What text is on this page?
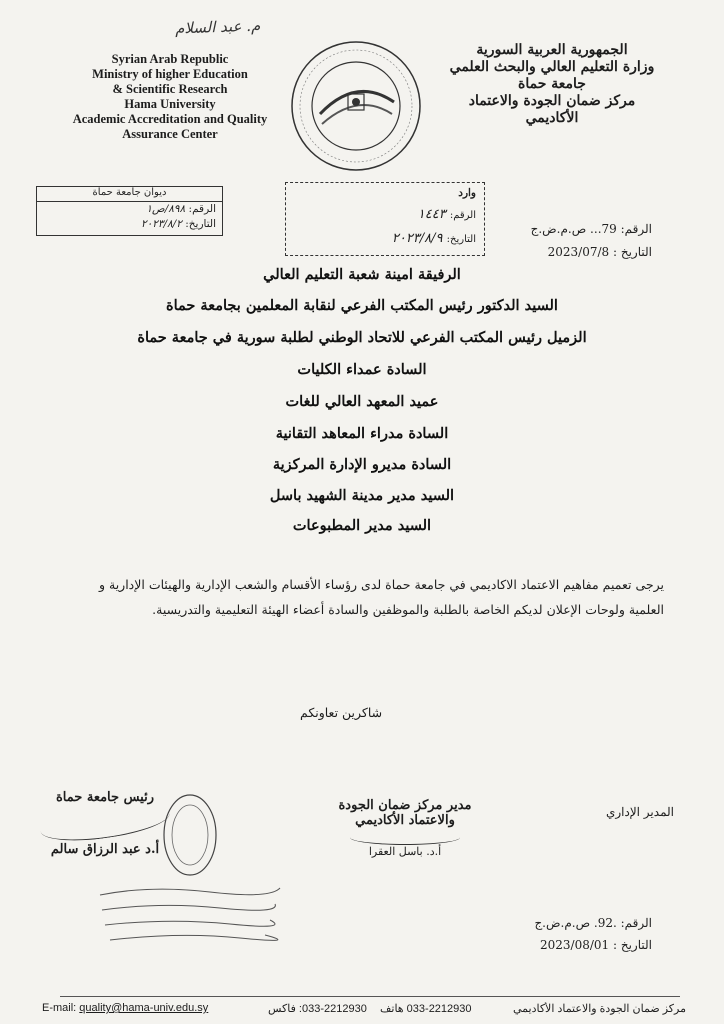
م. عبد السلام
Syrian Arab Republic
Ministry of higher Education
& Scientific Research
Hama University
Academic Accreditation and Quality
Assurance Center
الجمهورية العربية السورية
وزارة التعليم العالي والبحث العلمي
جامعة حماة
مركز ضمان الجودة والاعتماد
الأكاديمي
ديوان جامعة حماة
الرقم: ٨٩٨/ص١
التاريخ: ٢٠٢٣/٨/٢
وارد
الرقم: ١٤٤٣
التاريخ: ٢٠٢٣/٨/٩
الرقم: 79... ص.م.ض.ج
التاريخ : 2023/07/8
الرفيقة امينة شعبة التعليم العالي
السيد الدكتور رئيس المكتب الفرعي لنقابة المعلمين بجامعة حماة
الزميل رئيس المكتب الفرعي للاتحاد الوطني لطلبة سورية في جامعة حماة
السادة عمداء الكليات
عميد المعهد العالي للغات
السادة مدراء المعاهد التقانية
السادة مديرو الإدارة المركزية
السيد مدير مدينة الشهيد باسل
السيد مدير المطبوعات
يرجى تعميم مفاهيم الاعتماد الاكاديمي في جامعة حماة لدى رؤساء الأقسام والشعب الإدارية والهيئات الإدارية و
العلمية ولوحات الإعلان لديكم الخاصة بالطلبة والموظفين والسادة أعضاء الهيئة التعليمية والتدريسية.
شاكرين تعاونكم
المدير الإداري
مدير مركز ضمان الجودة
والاعتماد الأكاديمي
أ.د. باسل العقرا
رئيس جامعة حماة
أ.د عبد الرزاق سالم
الرقم: .92. ص.م.ض.ج
التاريخ : 2023/08/01
E-mail: quality@hama-univ.edu.sy	033-2212930: فاكس 033-2212930 هاتف	مركز ضمان الجودة والاعتماد الأكاديمي
